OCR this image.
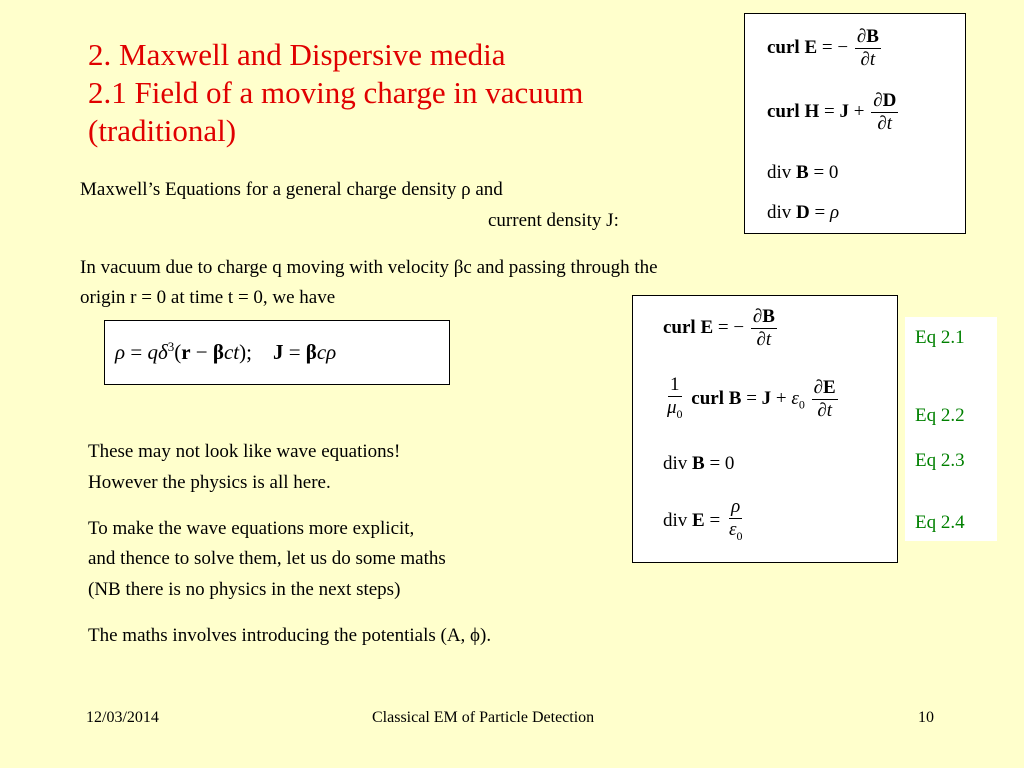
2. Maxwell and Dispersive media
2.1 Field of a moving charge in vacuum
(traditional)
curl E = − $\frac{\partial B}{\partial t}$
curl $H = J + \frac{\partial D}{\partial t}$
div B = 0
div D = ρ
Maxwell’s Equations for a general charge density ρ and
current density J:
In vacuum due to charge q moving with velocity βc and passing through the
origin r = 0 at time t = 0, we have
$\rho = q\delta^3(r - \beta ct)$;    J = βcρ
curl E = − $\frac{\partial B}{\partial t}$
$\frac{1}{\mu_0}$ curl $B = J + \varepsilon_0 \frac{\partial E}{\partial t}$
div B = 0
div $E = \frac{\rho}{\varepsilon_0}$
Eq 2.1
Eq 2.2
Eq 2.3
Eq 2.4
These may not look like wave equations!
However the physics is all here.
To make the wave equations more explicit,
and thence to solve them, let us do some maths
(NB there is no physics in the next steps)
The maths involves introducing the potentials (A, ϕ).
12/03/2014	Classical EM of Particle Detection	10
